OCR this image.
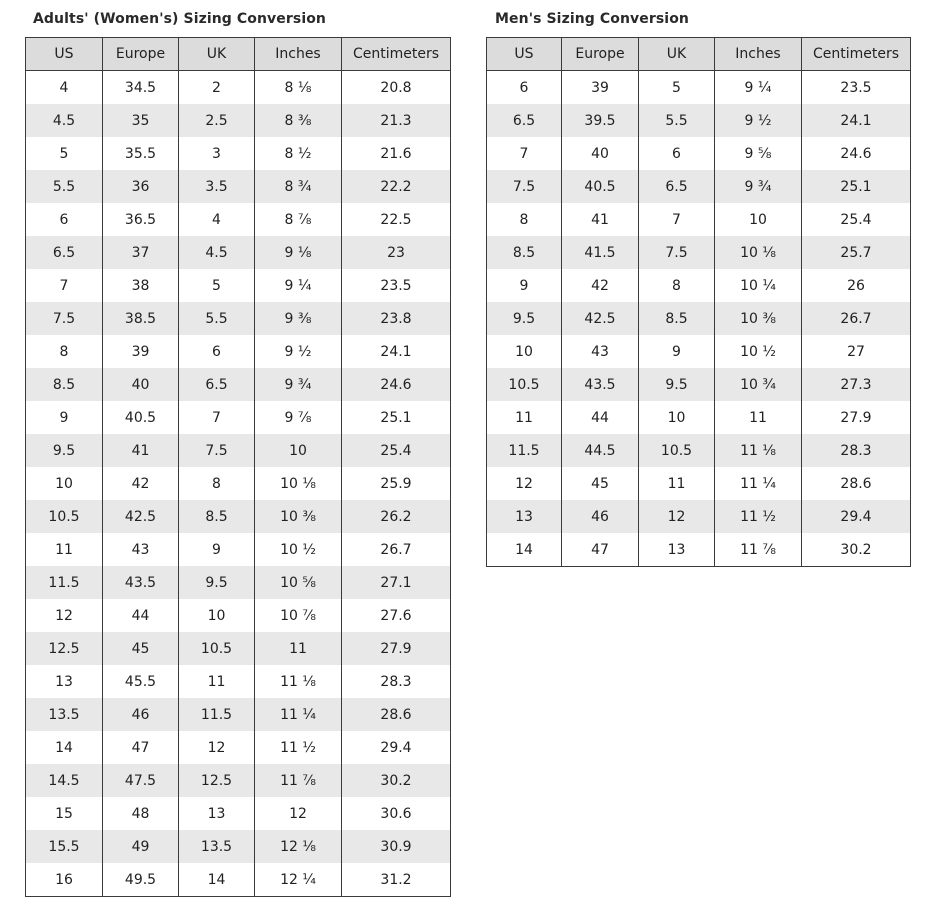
Adults' (Women's) Sizing Conversion
US	Europe	UK	Inches	Centimeters
4	34.5	2	8 ⅛	20.8
4.5	35	2.5	8 ⅜	21.3
5	35.5	3	8 ½	21.6
5.5	36	3.5	8 ¾	22.2
6	36.5	4	8 ⅞	22.5
6.5	37	4.5	9 ⅛	23
7	38	5	9 ¼	23.5
7.5	38.5	5.5	9 ⅜	23.8
8	39	6	9 ½	24.1
8.5	40	6.5	9 ¾	24.6
9	40.5	7	9 ⅞	25.1
9.5	41	7.5	10	25.4
10	42	8	10 ⅛	25.9
10.5	42.5	8.5	10 ⅜	26.2
11	43	9	10 ½	26.7
11.5	43.5	9.5	10 ⅝	27.1
12	44	10	10 ⅞	27.6
12.5	45	10.5	11	27.9
13	45.5	11	11 ⅛	28.3
13.5	46	11.5	11 ¼	28.6
14	47	12	11 ½	29.4
14.5	47.5	12.5	11 ⅞	30.2
15	48	13	12	30.6
15.5	49	13.5	12 ⅛	30.9
16	49.5	14	12 ¼	31.2
Men's Sizing Conversion
US	Europe	UK	Inches	Centimeters
6	39	5	9 ¼	23.5
6.5	39.5	5.5	9 ½	24.1
7	40	6	9 ⅝	24.6
7.5	40.5	6.5	9 ¾	25.1
8	41	7	10	25.4
8.5	41.5	7.5	10 ⅛	25.7
9	42	8	10 ¼	26
9.5	42.5	8.5	10 ⅜	26.7
10	43	9	10 ½	27
10.5	43.5	9.5	10 ¾	27.3
11	44	10	11	27.9
11.5	44.5	10.5	11 ⅛	28.3
12	45	11	11 ¼	28.6
13	46	12	11 ½	29.4
14	47	13	11 ⅞	30.2
